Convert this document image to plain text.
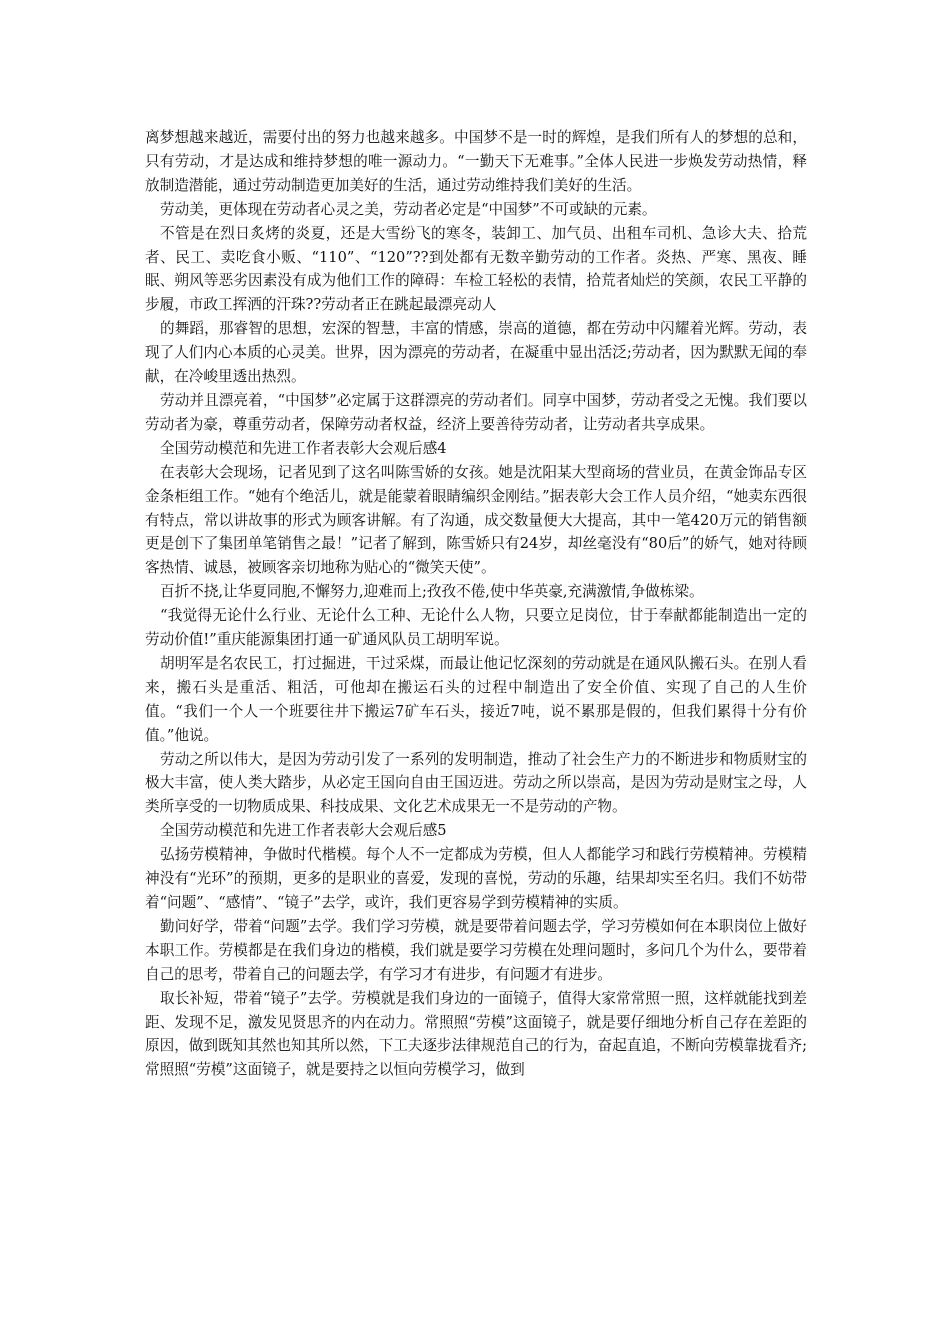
离梦想越来越近，需要付出的努力也越来越多。中国梦不是一时的辉煌，是我们所有人的梦想的总和，只有劳动，才是达成和维持梦想的唯一源动力。“一勤天下无难事。”全体人民进一步焕发劳动热情，释放制造潜能，通过劳动制造更加美好的生活，通过劳动维持我们美好的生活。

劳动美，更体现在劳动者心灵之美，劳动者必定是“中国梦”不可或缺的元素。

不管是在烈日炙烤的炎夏，还是大雪纷飞的寒冬，装卸工、加气员、出租车司机、急诊大夫、拾荒者、民工、卖吃食小贩、“110”、“120”??到处都有无数辛勤劳动的工作者。炎热、严寒、黑夜、睡眠、朔风等恶劣因素没有成为他们工作的障碍：车检工轻松的表情，拾荒者灿烂的笑颜，农民工平静的步履，市政工挥洒的汗珠??劳动者正在跳起最漂亮动人

的舞蹈，那睿智的思想，宏深的智慧，丰富的情感，崇高的道德，都在劳动中闪耀着光辉。劳动，表现了人们内心本质的心灵美。世界，因为漂亮的劳动者，在凝重中显出活泛;劳动者，因为默默无闻的奉献，在冷峻里透出热烈。

劳动并且漂亮着，“中国梦”必定属于这群漂亮的劳动者们。同享中国梦，劳动者受之无愧。我们要以劳动者为豪，尊重劳动者，保障劳动者权益，经济上要善待劳动者，让劳动者共享成果。

全国劳动模范和先进工作者表彰大会观后感4

在表彰大会现场，记者见到了这名叫陈雪娇的女孩。她是沈阳某大型商场的营业员，在黄金饰品专区金条柜组工作。“她有个绝活儿，就是能蒙着眼睛编织金刚结。”据表彰大会工作人员介绍，“她卖东西很有特点，常以讲故事的形式为顾客讲解。有了沟通，成交数量便大大提高，其中一笔420万元的销售额更是创下了集团单笔销售之最！”记者了解到，陈雪娇只有24岁，却丝毫没有“80后”的娇气，她对待顾客热情、诚恳，被顾客亲切地称为贴心的“微笑天使”。

百折不挠,让华夏同胞,不懈努力,迎难而上;孜孜不倦,使中华英豪,充满激情,争做栋梁。

“我觉得无论什么行业、无论什么工种、无论什么人物，只要立足岗位，甘于奉献都能制造出一定的劳动价值!”重庆能源集团打通一矿通风队员工胡明军说。

胡明军是名农民工，打过掘进，干过采煤，而最让他记忆深刻的劳动就是在通风队搬石头。在别人看来，搬石头是重活、粗活，可他却在搬运石头的过程中制造出了安全价值、实现了自己的人生价值。“我们一个人一个班要往井下搬运7矿车石头，接近7吨，说不累那是假的，但我们累得十分有价值。”他说。

劳动之所以伟大，是因为劳动引发了一系列的发明制造，推动了社会生产力的不断进步和物质财宝的极大丰富，使人类大踏步，从必定王国向自由王国迈进。劳动之所以崇高，是因为劳动是财宝之母，人类所享受的一切物质成果、科技成果、文化艺术成果无一不是劳动的产物。

全国劳动模范和先进工作者表彰大会观后感5

弘扬劳模精神，争做时代楷模。每个人不一定都成为劳模，但人人都能学习和践行劳模精神。劳模精神没有“光环”的预期，更多的是职业的喜爱，发现的喜悦，劳动的乐趣，结果却实至名归。我们不妨带着“问题”、“感情”、“镜子”去学，或许，我们更容易学到劳模精神的实质。

勤问好学，带着“问题”去学。我们学习劳模，就是要带着问题去学，学习劳模如何在本职岗位上做好本职工作。劳模都是在我们身边的楷模，我们就是要学习劳模在处理问题时，多问几个为什么，要带着自己的思考，带着自己的问题去学，有学习才有进步，有问题才有进步。

取长补短，带着“镜子”去学。劳模就是我们身边的一面镜子，值得大家常常照一照，这样就能找到差距、发现不足，激发见贤思齐的内在动力。常照照“劳模”这面镜子，就是要仔细地分析自己存在差距的原因，做到既知其然也知其所以然，下工夫逐步法律规范自己的行为，奋起直追，不断向劳模靠拢看齐;常照照“劳模”这面镜子，就是要持之以恒向劳模学习，做到
